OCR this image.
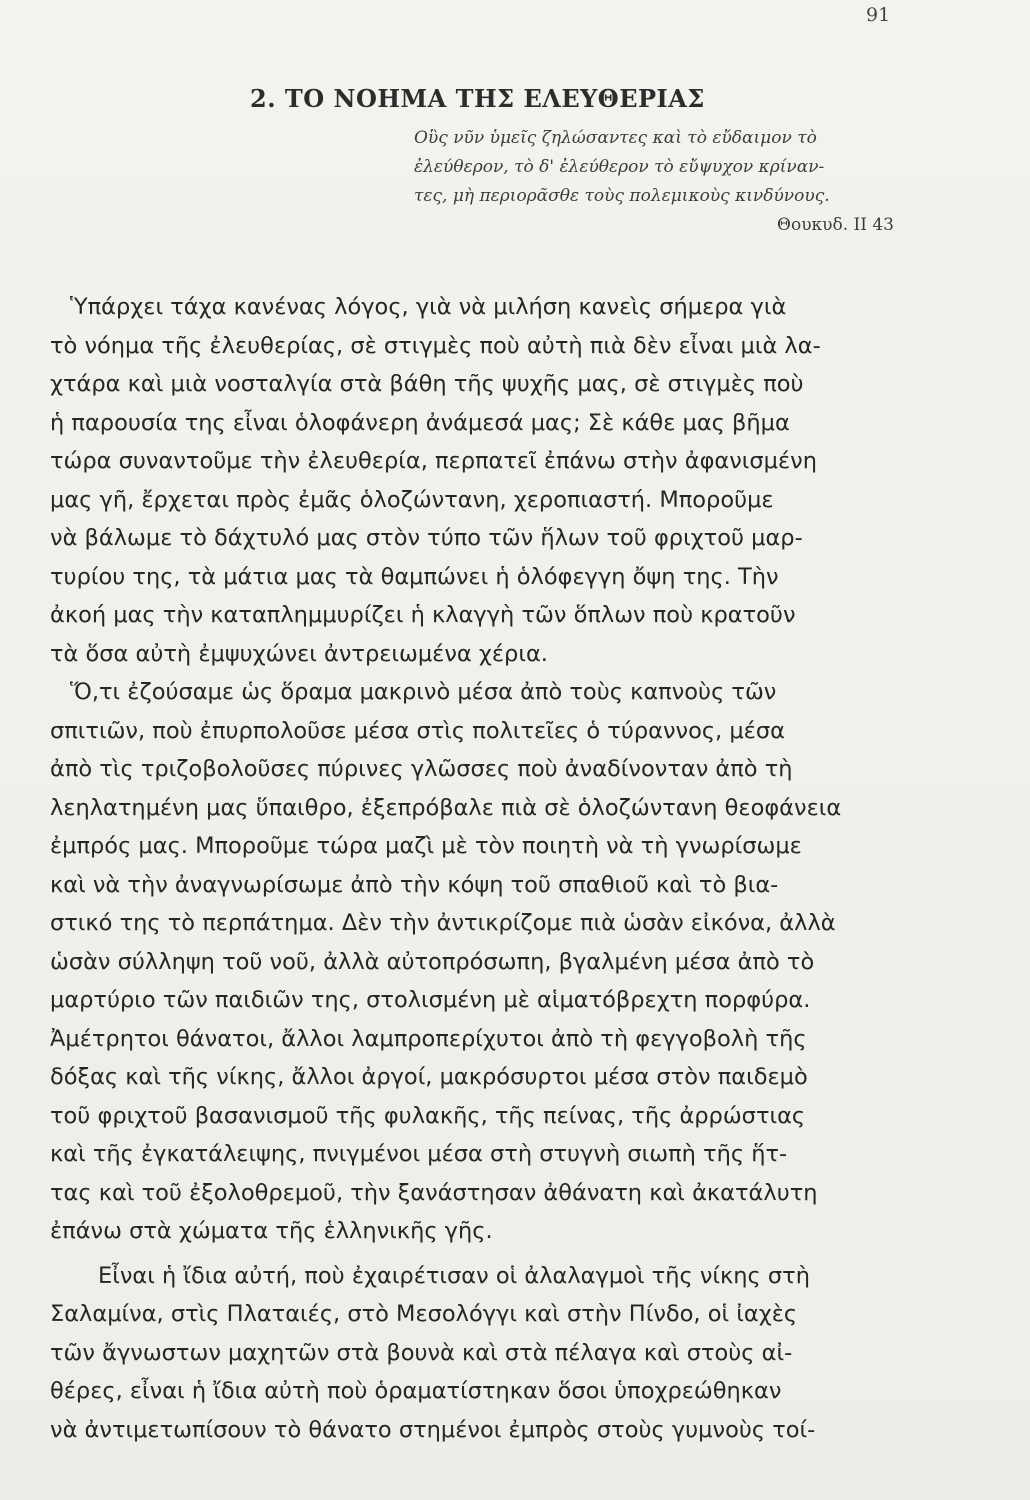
91
2. ΤΟ ΝΟΗΜΑ ΤΗΣ ΕΛΕΥΘΕΡΙΑΣ
Οὓς νῦν ὑμεῖς ζηλώσαντες καὶ τὸ εὔδαιμον τὸ
ἐλεύθερον, τὸ δ' ἐλεύθερον τὸ εὔψυχον κρίναν-
τες, μὴ περιορᾶσθε τοὺς πολεμικοὺς κινδύνους.
Θουκυδ. ΙΙ 43
Ὑπάρχει τάχα κανένας λόγος, γιὰ νὰ μιλήση κανεὶς σήμερα γιὰ
τὸ νόημα τῆς ἐλευθερίας, σὲ στιγμὲς ποὺ αὐτὴ πιὰ δὲν εἶναι μιὰ λα-
χτάρα καὶ μιὰ νοσταλγία στὰ βάθη τῆς ψυχῆς μας, σὲ στιγμὲς ποὺ
ἡ παρουσία της εἶναι ὁλοφάνερη ἀνάμεσά μας; Σὲ κάθε μας βῆμα
τώρα συναντοῦμε τὴν ἐλευθερία, περπατεῖ ἐπάνω στὴν ἀφανισμένη
μας γῆ, ἔρχεται πρὸς ἐμᾶς ὁλοζώντανη, χεροπιαστή. Μποροῦμε
νὰ βάλωμε τὸ δάχτυλό μας στὸν τύπο τῶν ἥλων τοῦ φριχτοῦ μαρ-
τυρίου της, τὰ μάτια μας τὰ θαμπώνει ἡ ὁλόφεγγη ὄψη της. Τὴν
ἀκοή μας τὴν καταπλημμυρίζει ἡ κλαγγὴ τῶν ὅπλων ποὺ κρατοῦν
τὰ ὅσα αὐτὴ ἐμψυχώνει ἀντρειωμένα χέρια.
Ὅ,τι ἐζούσαμε ὡς ὅραμα μακρινὸ μέσα ἀπὸ τοὺς καπνοὺς τῶν
σπιτιῶν, ποὺ ἐπυρπολοῦσε μέσα στὶς πολιτεῖες ὁ τύραννος, μέσα
ἀπὸ τὶς τριζοβολοῦσες πύρινες γλῶσσες ποὺ ἀναδίνονταν ἀπὸ τὴ
λεηλατημένη μας ὕπαιθρο, ἐξεπρόβαλε πιὰ σὲ ὁλοζώντανη θεοφάνεια
ἐμπρός μας. Μποροῦμε τώρα μαζὶ μὲ τὸν ποιητὴ νὰ τὴ γνωρίσωμε
καὶ νὰ τὴν ἀναγνωρίσωμε ἀπὸ τὴν κόψη τοῦ σπαθιοῦ καὶ τὸ βια-
στικό της τὸ περπάτημα. Δὲν τὴν ἀντικρίζομε πιὰ ὡσὰν εἰκόνα, ἀλλὰ
ὡσὰν σύλληψη τοῦ νοῦ, ἀλλὰ αὐτοπρόσωπη, βγαλμένη μέσα ἀπὸ τὸ
μαρτύριο τῶν παιδιῶν της, στολισμένη μὲ αἱματόβρεχτη πορφύρα.
Ἀμέτρητοι θάνατοι, ἄλλοι λαμπροπερίχυτοι ἀπὸ τὴ φεγγοβολὴ τῆς
δόξας καὶ τῆς νίκης, ἄλλοι ἀργοί, μακρόσυρτοι μέσα στὸν παιδεμὸ
τοῦ φριχτοῦ βασανισμοῦ τῆς φυλακῆς, τῆς πείνας, τῆς ἀρρώστιας
καὶ τῆς ἐγκατάλειψης, πνιγμένοι μέσα στὴ στυγνὴ σιωπὴ τῆς ἥτ-
τας καὶ τοῦ ἐξολοθρεμοῦ, τὴν ξανάστησαν ἀθάνατη καὶ ἀκατάλυτη
ἐπάνω στὰ χώματα τῆς ἑλληνικῆς γῆς.
Εἶναι ἡ ἴδια αὐτή, ποὺ ἐχαιρέτισαν οἱ ἀλαλαγμοὶ τῆς νίκης στὴ
Σαλαμίνα, στὶς Πλαταιές, στὸ Μεσολόγγι καὶ στὴν Πίνδο, οἱ ἰαχὲς
τῶν ἄγνωστων μαχητῶν στὰ βουνὰ καὶ στὰ πέλαγα καὶ στοὺς αἰ-
θέρες, εἶναι ἡ ἴδια αὐτὴ ποὺ ὁραματίστηκαν ὅσοι ὑποχρεώθηκαν
νὰ ἀντιμετωπίσουν τὸ θάνατο στημένοι ἐμπρὸς στοὺς γυμνοὺς τοί-
